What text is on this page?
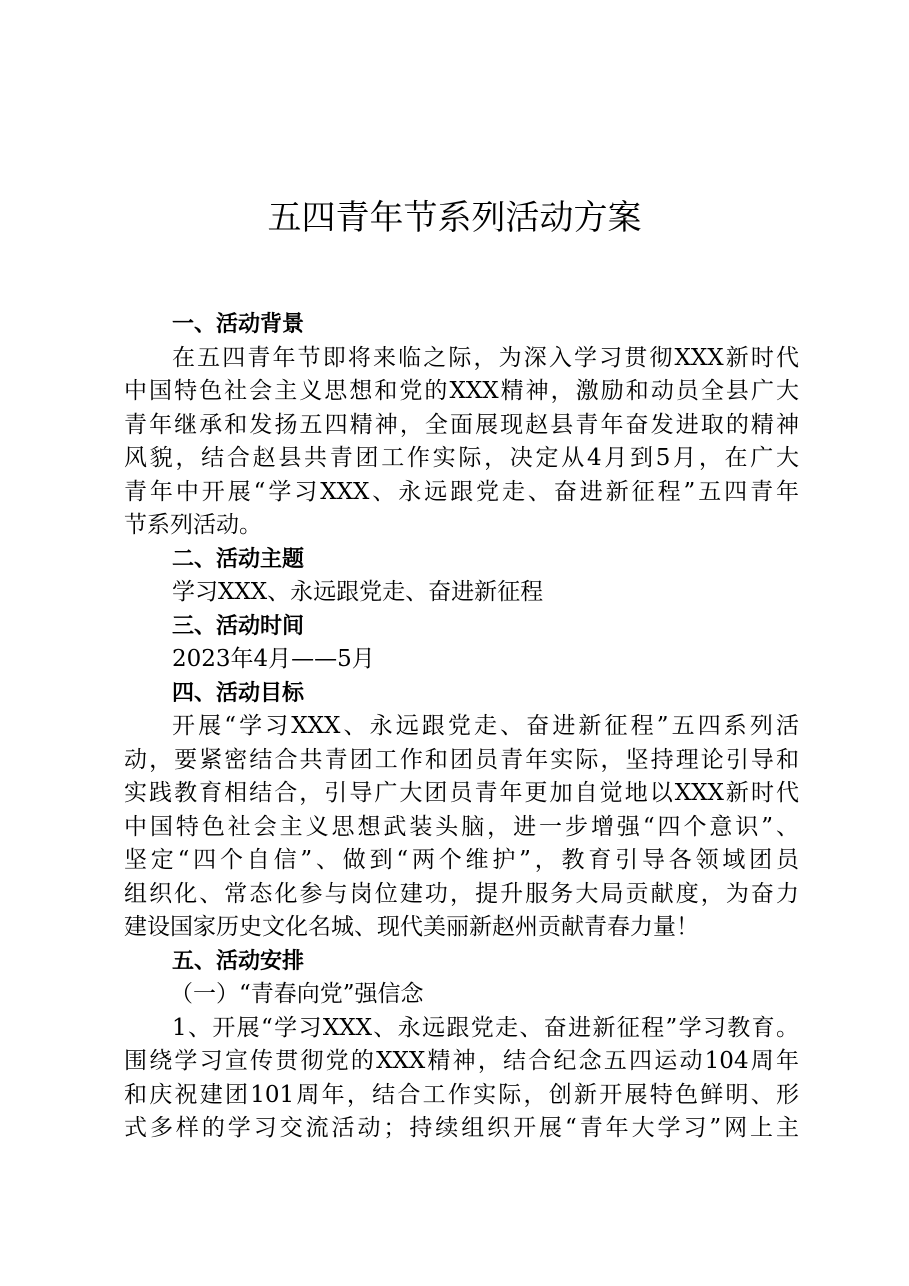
五四青年节系列活动方案
一、活动背景
在五四青年节即将来临之际，为深入学习贯彻XXX新时代
中国特色社会主义思想和党的XXX精神，激励和动员全县广大
青年继承和发扬五四精神，全面展现赵县青年奋发进取的精神
风貌，结合赵县共青团工作实际，决定从4月到5月，在广大
青年中开展“学习XXX、永远跟党走、奋进新征程”五四青年
节系列活动。
二、活动主题
学习XXX、永远跟党走、奋进新征程
三、活动时间
2023年4月——5月
四、活动目标
开展“学习XXX、永远跟党走、奋进新征程”五四系列活
动，要紧密结合共青团工作和团员青年实际，坚持理论引导和
实践教育相结合，引导广大团员青年更加自觉地以XXX新时代
中国特色社会主义思想武装头脑，进一步增强“四个意识”、
坚定“四个自信”、做到“两个维护”，教育引导各领域团员
组织化、常态化参与岗位建功，提升服务大局贡献度，为奋力
建设国家历史文化名城、现代美丽新赵州贡献青春力量！
五、活动安排
（一）“青春向党”强信念
1、开展“学习XXX、永远跟党走、奋进新征程”学习教育。
围绕学习宣传贯彻党的XXX精神，结合纪念五四运动104周年
和庆祝建团101周年，结合工作实际，创新开展特色鲜明、形
式多样的学习交流活动；持续组织开展“青年大学习”网上主
